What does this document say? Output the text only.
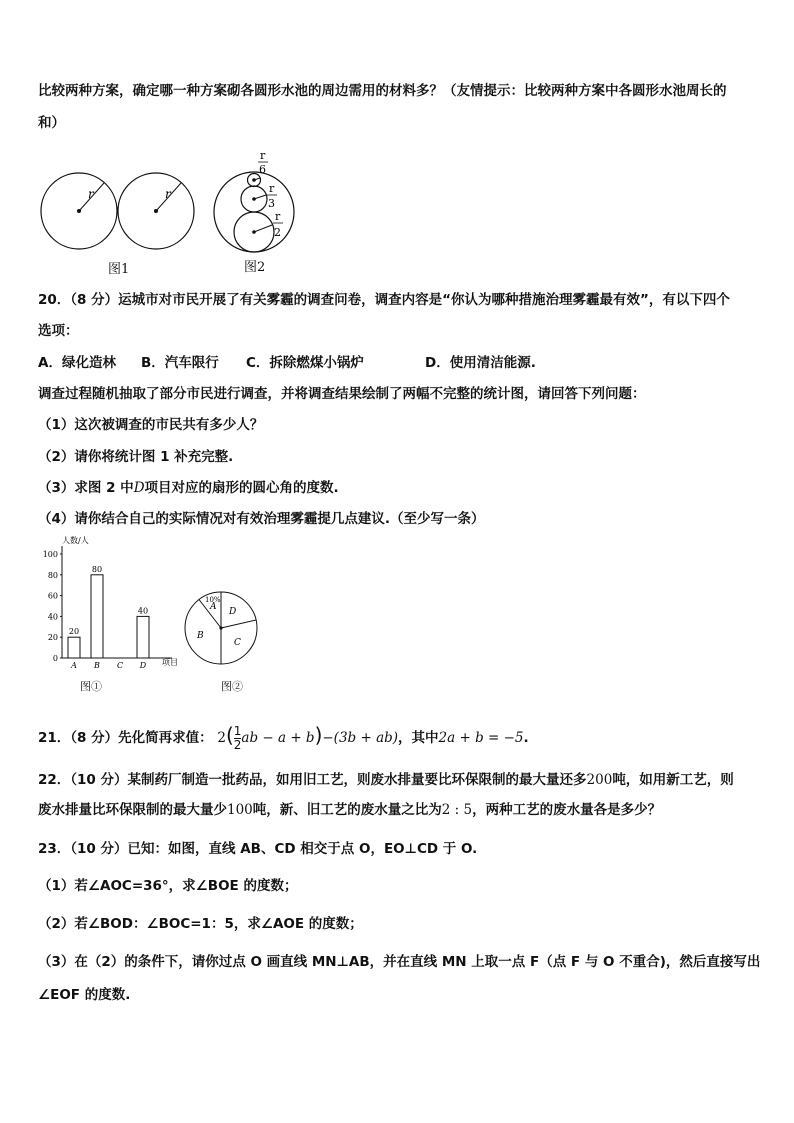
比较两种方案，确定哪一种方案砌各圆形水池的周边需用的材料多？（友情提示：比较两种方案中各圆形水池周长的
和）
r	r
图1
r
6
r
3
r
2
图2
20．（8 分）运城市对市民开展了有关雾霾的调查问卷，调查内容是“你认为哪种措施治理雾霾最有效”，有以下四个
选项：
A．绿化造林 B．汽车限行 C．拆除燃煤小锅炉	D．使用清洁能源.
调查过程随机抽取了部分市民进行调查，并将调查结果绘制了两幅不完整的统计图，请回答下列问题：
（1）这次被调查的市民共有多少人？
（2）请你将统计图 1 补充完整.
（3）求图 2 中D项目对应的扇形的圆心角的度数.
（4）请你结合自己的实际情况对有效治理雾霾提几点建议.（至少写一条）
人数/人
项目
0
20
40
60
80
100
20
80
40
A B C D
图①
10%
A
B
C
D
图②
21．（8 分）先化简再求值： $2( \frac{1}{2}$ ab − a + b)−(3b + ab)，其中2a + b = −5.
22．（10 分）某制药厂制造一批药品，如用旧工艺，则废水排量要比环保限制的最大量还多200吨，如用新工艺，则
废水排量比环保限制的最大量少100吨，新、旧工艺的废水量之比为2 : 5，两种工艺的废水量各是多少？
23．（10 分）已知：如图，直线 AB、CD 相交于点 O，EO⊥CD 于 O.
（1）若∠AOC=36°，求∠BOE 的度数；
（2）若∠BOD：∠BOC=1：5，求∠AOE 的度数；
（3）在（2）的条件下，请你过点 O 画直线 MN⊥AB，并在直线 MN 上取一点 F（点 F 与 O 不重合)，然后直接写出
∠EOF 的度数.
